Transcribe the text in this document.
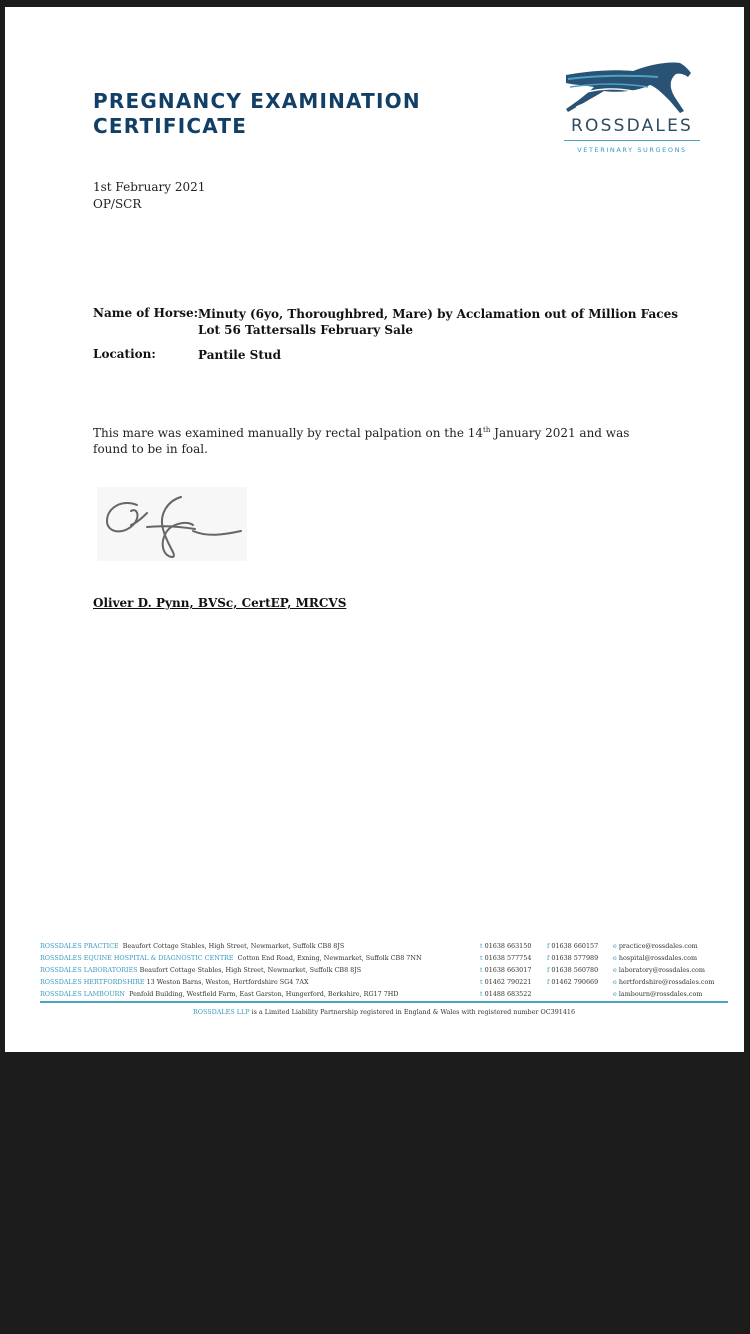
PREGNANCY EXAMINATION
CERTIFICATE	ROSSDALES
VETERINARY SURGEONS
1st February 2021
OP/SCR
Name of Horse: Minuty (6yo, Thoroughbred, Mare) by Acclamation out of Million Faces
Lot 56 Tattersalls February Sale
Location:	Pantile Stud
This mare was examined manually by rectal palpation on the 14th January 2021 and was found to be in foal.
Oliver D. Pynn, BVSc, CertEP, MRCVS
ROSSDALES PRACTICE Beaufort Cottage Stables, High Street, Newmarket, Suffolk CB8 8JS	t 01638 663150 f 01638 660157 e practice@rossdales.com
ROSSDALES EQUINE HOSPITAL & DIAGNOSTIC CENTRE Cotton End Road, Exning, Newmarket, Suffolk CB8 7NN	t 01638 577754 f 01638 577989 e hospital@rossdales.com
ROSSDALES LABORATORIES Beaufort Cottage Stables, High Street, Newmarket, Suffolk CB8 8JS	t 01638 663017 f 01638 560780 e laboratory@rossdales.com
ROSSDALES HERTFORDSHIRE 13 Weston Barns, Weston, Hertfordshire SG4 7AX	t 01462 790221 f 01462 790669 e hertfordshire@rossdales.com
ROSSDALES LAMBOURN Penfold Building, Westfield Farm, East Garston, Hungerford, Berkshire, RG17 7HD	t 01488 683522	e lambourn@rossdales.com
ROSSDALES LLP is a Limited Liability Partnership registered in England & Wales with registered number OC391416
